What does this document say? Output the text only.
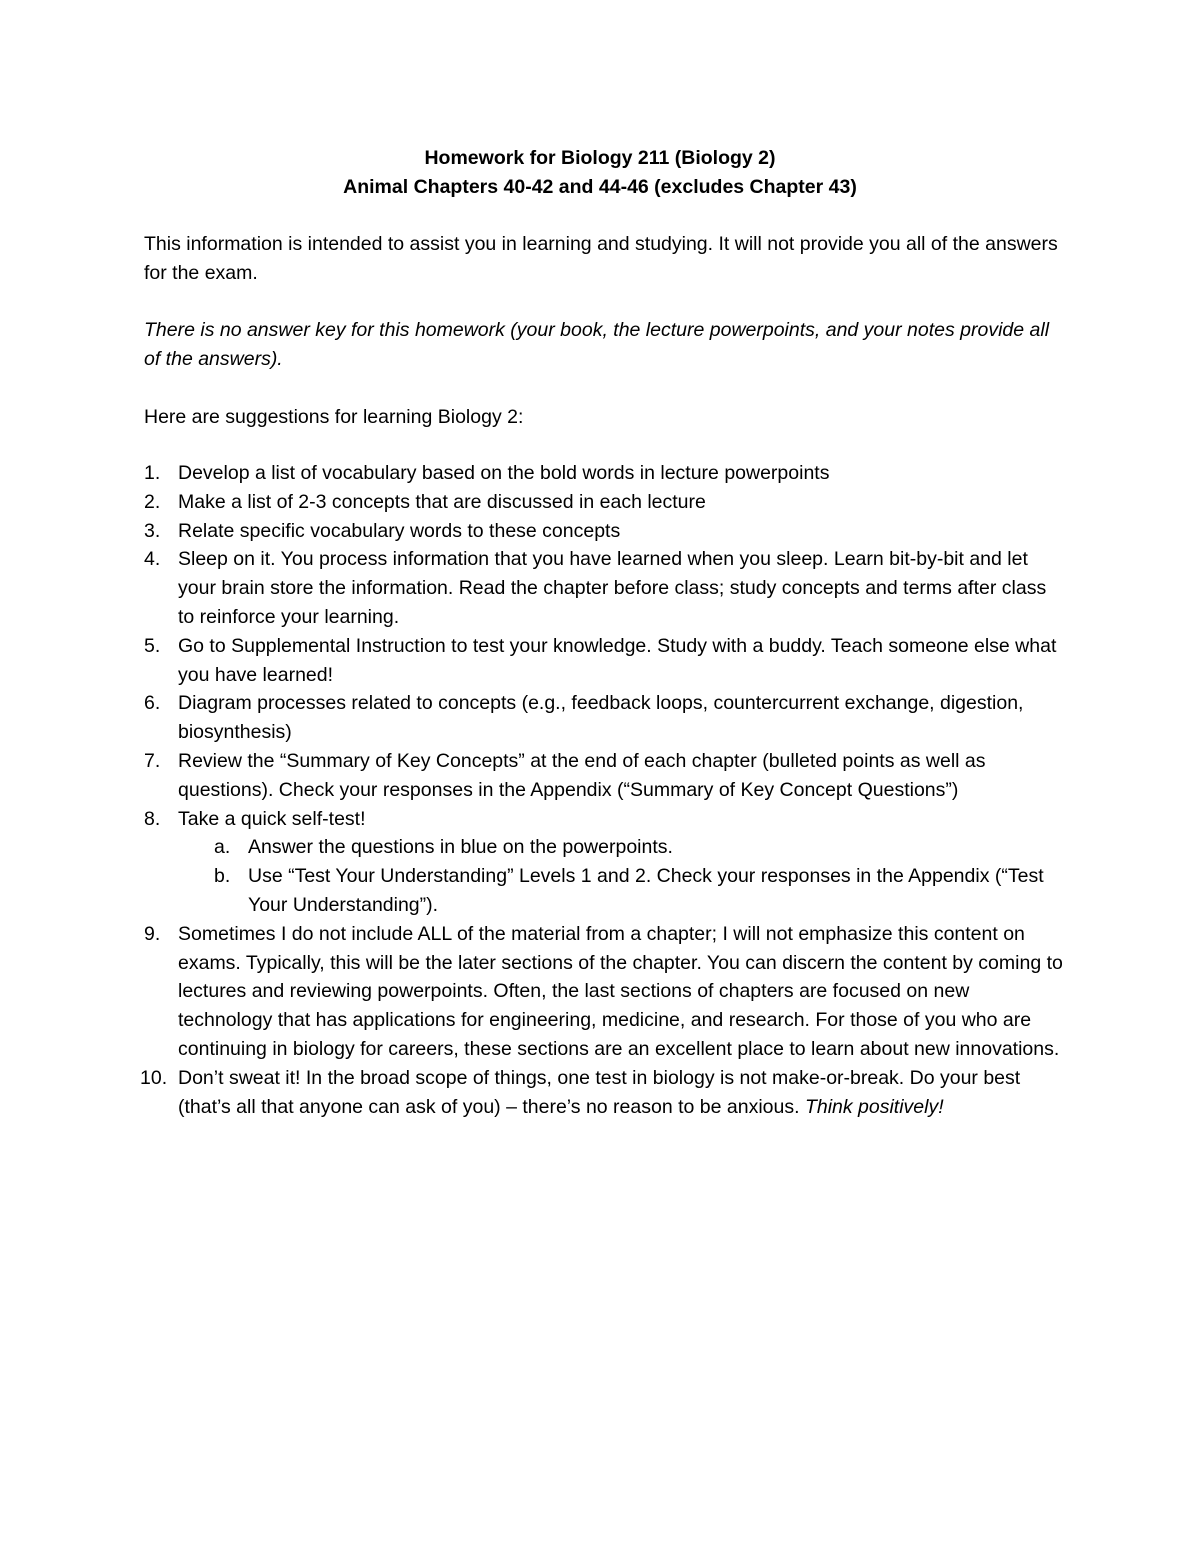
Homework for Biology 211 (Biology 2)
Animal Chapters 40-42 and 44-46 (excludes Chapter 43)
This information is intended to assist you in learning and studying. It will not provide you all of the answers for the exam.
There is no answer key for this homework (your book, the lecture powerpoints, and your notes provide all of the answers).
Here are suggestions for learning Biology 2:
1. Develop a list of vocabulary based on the bold words in lecture powerpoints
2. Make a list of 2-3 concepts that are discussed in each lecture
3. Relate specific vocabulary words to these concepts
4. Sleep on it. You process information that you have learned when you sleep. Learn bit-by-bit and let your brain store the information. Read the chapter before class; study concepts and terms after class to reinforce your learning.
5. Go to Supplemental Instruction to test your knowledge. Study with a buddy. Teach someone else what you have learned!
6. Diagram processes related to concepts (e.g., feedback loops, countercurrent exchange, digestion, biosynthesis)
7. Review the “Summary of Key Concepts” at the end of each chapter (bulleted points as well as questions). Check your responses in the Appendix (“Summary of Key Concept Questions”)
8. Take a quick self-test!
a. Answer the questions in blue on the powerpoints.
b. Use “Test Your Understanding” Levels 1 and 2. Check your responses in the Appendix (“Test Your Understanding”).
9. Sometimes I do not include ALL of the material from a chapter; I will not emphasize this content on exams. Typically, this will be the later sections of the chapter. You can discern the content by coming to lectures and reviewing powerpoints. Often, the last sections of chapters are focused on new technology that has applications for engineering, medicine, and research. For those of you who are continuing in biology for careers, these sections are an excellent place to learn about new innovations.
10. Don’t sweat it! In the broad scope of things, one test in biology is not make-or-break. Do your best (that’s all that anyone can ask of you) – there’s no reason to be anxious. Think positively!
